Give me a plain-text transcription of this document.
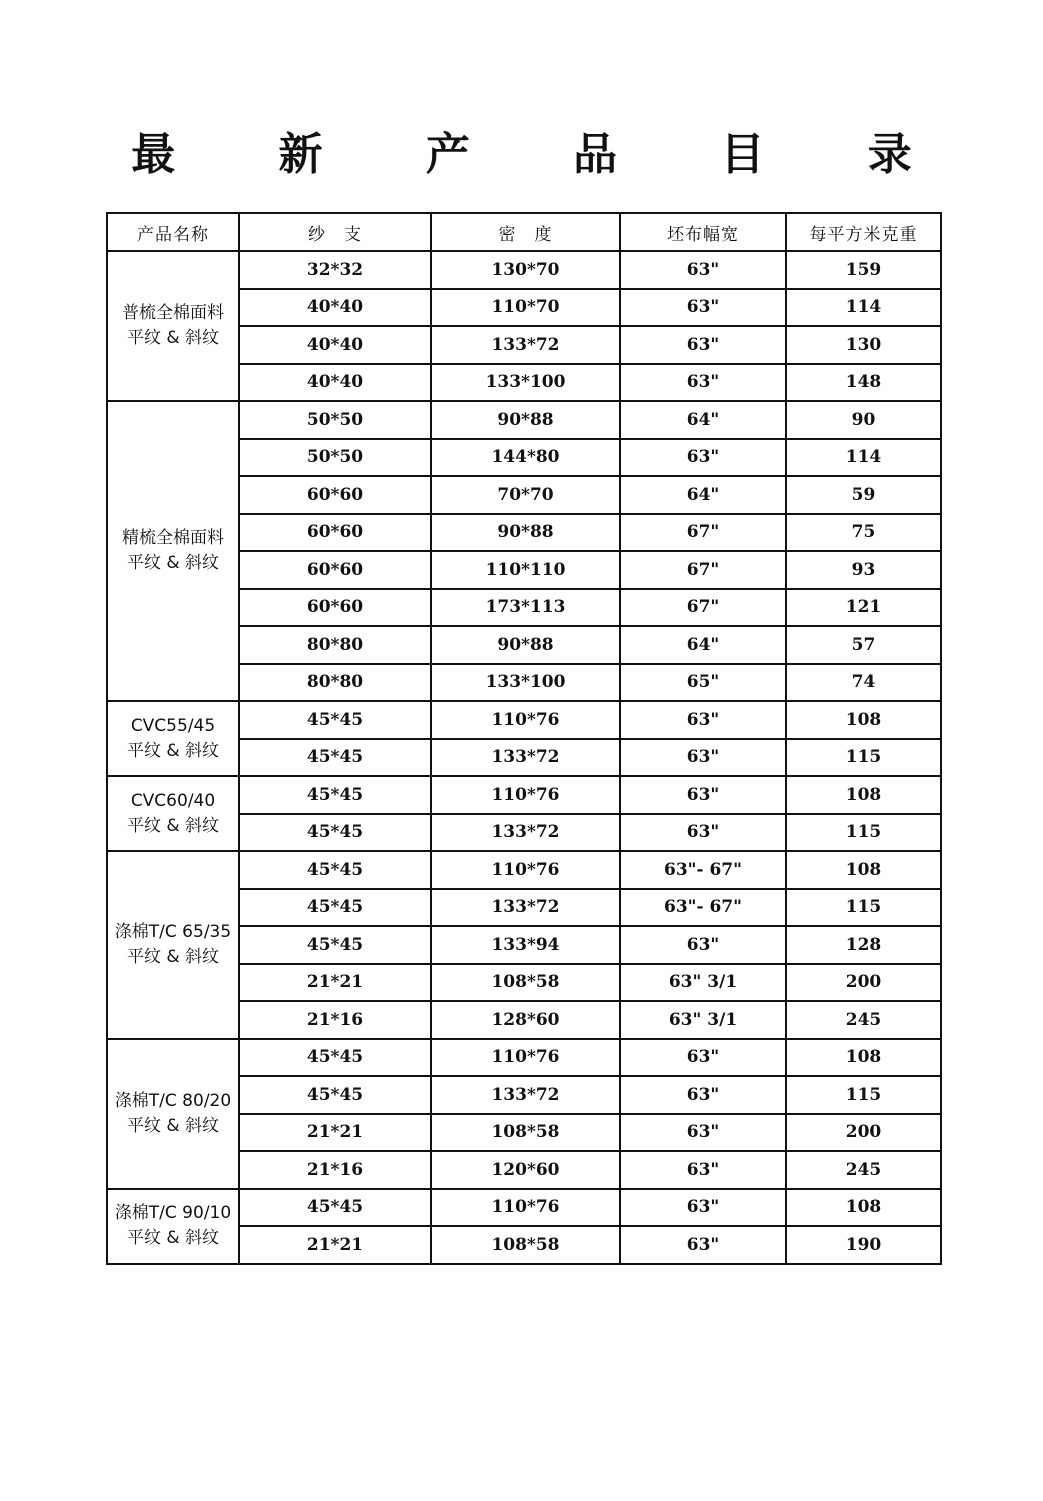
最 新 产 品 目 录
产品名称	纱　支	密　度	坯布幅宽	每平方米克重

普梳全棉面料
平纹 & 斜纹	32*32	130*70	63"	159
	40*40	110*70	63"	114
	40*40	133*72	63"	130
	40*40	133*100	63"	148

精梳全棉面料
平纹 & 斜纹	50*50	90*88	64"	90
	50*50	144*80	63"	114
	60*60	70*70	64"	59
	60*60	90*88	67"	75
	60*60	110*110	67"	93
	60*60	173*113	67"	121
	80*80	90*88	64"	57
	80*80	133*100	65"	74

CVC55/45
平纹 & 斜纹	45*45	110*76	63"	108
	45*45	133*72	63"	115

CVC60/40
平纹 & 斜纹	45*45	110*76	63"	108
	45*45	133*72	63"	115

涤棉T/C 65/35
平纹 & 斜纹	45*45	110*76	63"- 67"	108
	45*45	133*72	63"- 67"	115
	45*45	133*94	63"	128
	21*21	108*58	63" 3/1	200
	21*16	128*60	63" 3/1	245

涤棉T/C 80/20
平纹 & 斜纹	45*45	110*76	63"	108
	45*45	133*72	63"	115
	21*21	108*58	63"	200
	21*16	120*60	63"	245

涤棉T/C 90/10
平纹 & 斜纹	45*45	110*76	63"	108
	21*21	108*58	63"	190
